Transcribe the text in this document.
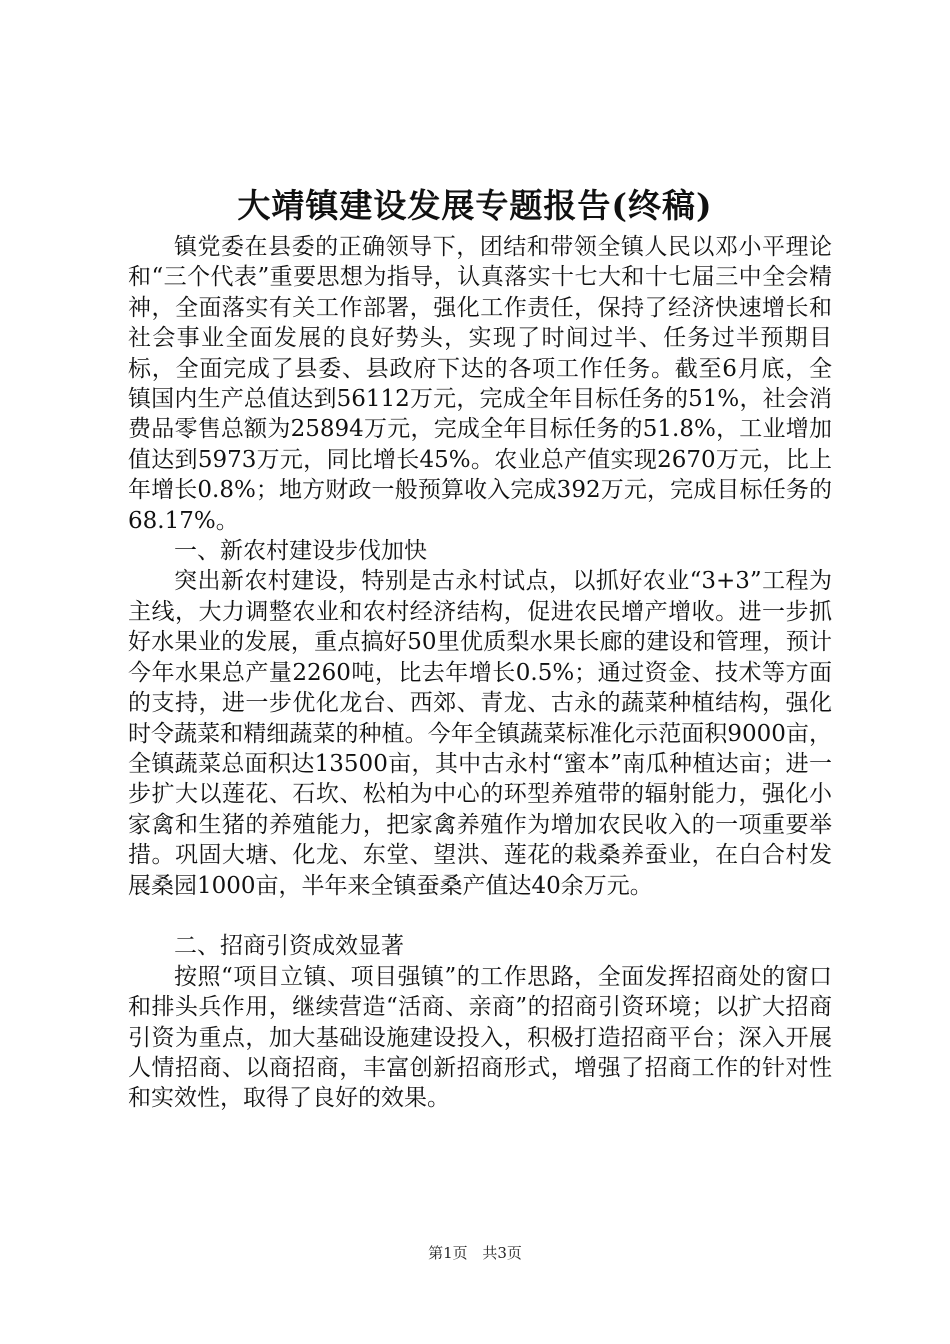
大靖镇建设发展专题报告(终稿)

镇党委在县委的正确领导下，团结和带领全镇人民以邓小平理论和“三个代表”重要思想为指导，认真落实十七大和十七届三中全会精神，全面落实有关工作部署，强化工作责任，保持了经济快速增长和社会事业全面发展的良好势头，实现了时间过半、任务过半预期目标，全面完成了县委、县政府下达的各项工作任务。截至6月底，全镇国内生产总值达到56112万元，完成全年目标任务的51%，社会消费品零售总额为25894万元，完成全年目标任务的51.8%，工业增加值达到5973万元，同比增长45%。农业总产值实现2670万元，比上年增长0.8%；地方财政一般预算收入完成392万元，完成目标任务的68.17%。

一、新农村建设步伐加快

突出新农村建设，特别是古永村试点，以抓好农业“3+3”工程为主线，大力调整农业和农村经济结构，促进农民增产增收。进一步抓好水果业的发展，重点搞好50里优质梨水果长廊的建设和管理，预计今年水果总产量2260吨，比去年增长0.5%；通过资金、技术等方面的支持，进一步优化龙台、西郊、青龙、古永的蔬菜种植结构，强化时令蔬菜和精细蔬菜的种植。今年全镇蔬菜标准化示范面积9000亩，全镇蔬菜总面积达13500亩，其中古永村“蜜本”南瓜种植达亩；进一步扩大以莲花、石坎、松柏为中心的环型养殖带的辐射能力，强化小家禽和生猪的养殖能力，把家禽养殖作为增加农民收入的一项重要举措。巩固大塘、化龙、东堂、望洪、莲花的栽桑养蚕业，在白合村发展桑园1000亩，半年来全镇蚕桑产值达40余万元。

二、招商引资成效显著

按照“项目立镇、项目强镇”的工作思路，全面发挥招商处的窗口和排头兵作用，继续营造“活商、亲商”的招商引资环境；以扩大招商引资为重点，加大基础设施建设投入，积极打造招商平台；深入开展人情招商、以商招商，丰富创新招商形式，增强了招商工作的针对性和实效性，取得了良好的效果。

第1页 共3页
